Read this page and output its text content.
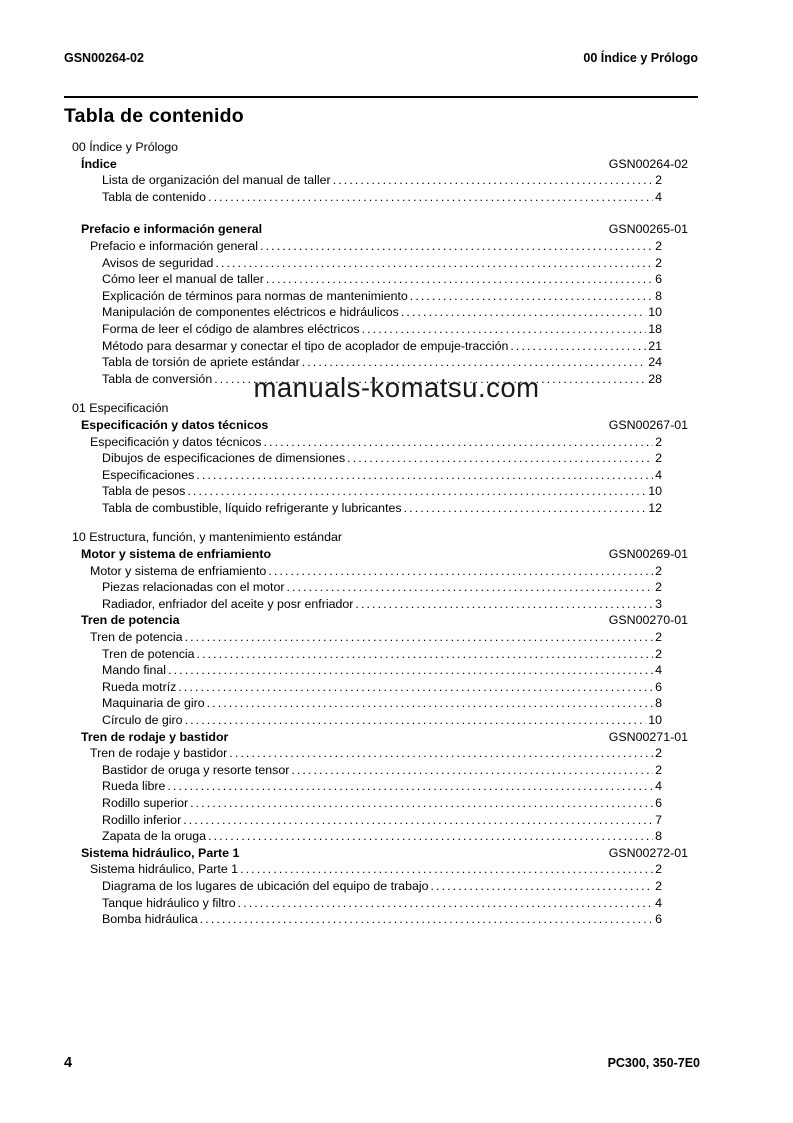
GSN00264-02	00 Índice y Prólogo
Tabla de contenido
00 Índice y Prólogo
Índice	GSN00264-02
Lista de organización del manual de taller .....	2
Tabla de contenido .....	4
Prefacio e información general	GSN00265-01
Prefacio e información general .....	2
Avisos de seguridad .....	2
Cómo leer el manual de taller .....	6
Explicación de términos para normas de mantenimiento .....	8
Manipulación de componentes eléctricos e hidráulicos .....	10
Forma de leer el código de alambres eléctricos .....	18
Método para desarmar y conectar el tipo de acoplador de empuje-tracción .....	21
Tabla de torsión de apriete estándar .....	24
Tabla de conversión .....	28
01 Especificación
Especificación y datos técnicos	GSN00267-01
Especificación y datos técnicos .....	2
Dibujos de especificaciones de dimensiones .....	2
Especificaciones .....	4
Tabla de pesos .....	10
Tabla de combustible, líquido refrigerante y lubricantes .....	12
10 Estructura, función, y mantenimiento estándar
Motor y sistema de enfriamiento	GSN00269-01
Motor y sistema de enfriamiento .....	2
Piezas relacionadas con el motor .....	2
Radiador, enfriador del aceite y posr enfriador .....	3
Tren de potencia	GSN00270-01
Tren de potencia .....	2
Tren de potencia .....	2
Mando final .....	4
Rueda motríz .....	6
Maquinaria de giro .....	8
Círculo de giro .....	10
Tren de rodaje y bastidor	GSN00271-01
Tren de rodaje y bastidor .....	2
Bastidor de oruga y resorte tensor .....	2
Rueda libre .....	4
Rodillo superior .....	6
Rodillo inferior .....	7
Zapata de la oruga .....	8
Sistema hidráulico, Parte 1	GSN00272-01
Sistema hidráulico, Parte 1 .....	2
Diagrama de los lugares de ubicación del equipo de trabajo .....	2
Tanque hidráulico y filtro .....	4
Bomba hidráulica .....	6
manuals-komatsu.com
4	PC300, 350-7E0
